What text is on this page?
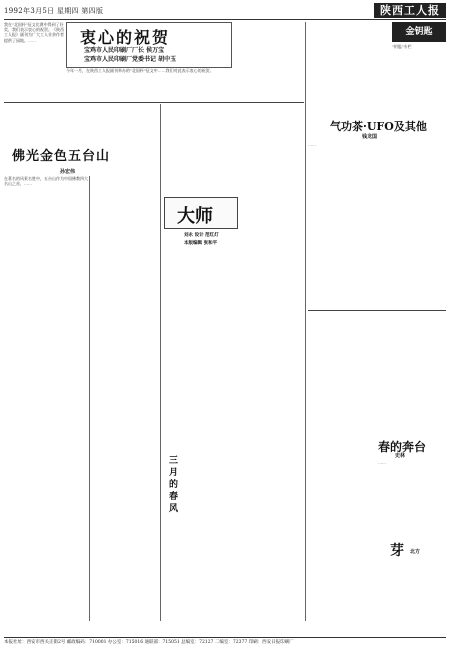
1992年3月5日 星期四 第四版	陕西工人报
我在"北国杯"征文比赛中得到了好奖，我们表示衷心的祝贺。《陕西工人报》副刊为广大工人业余作者提供了园地。……	衷心的祝贺
宝鸡市人民印刷厂厂长 侯万宝
宝鸡市人民印刷厂党委书记 胡中玉
今年一月，在陕西工人报副刊举办的"北国杯"征文中……我们对此表示衷心的祝贺。
佛光金色五台山
孙宏伟
在著名的风景名胜中，五台山作为中国佛教四大名山之首，……
大师
刘永 设计 范红灯
本版编辑 张和平
三月的春风
金钥匙
"钥匙"专栏
气功茶·UFO及其他
钱龙国
……
春的奔台
史林
……
芽 北方
本报社址：西安市西关正街2号 邮政编码：710001 办公室：715016 通联部：715051 总编室：72127 二编室：72377 印刷：西安日报印刷厂
